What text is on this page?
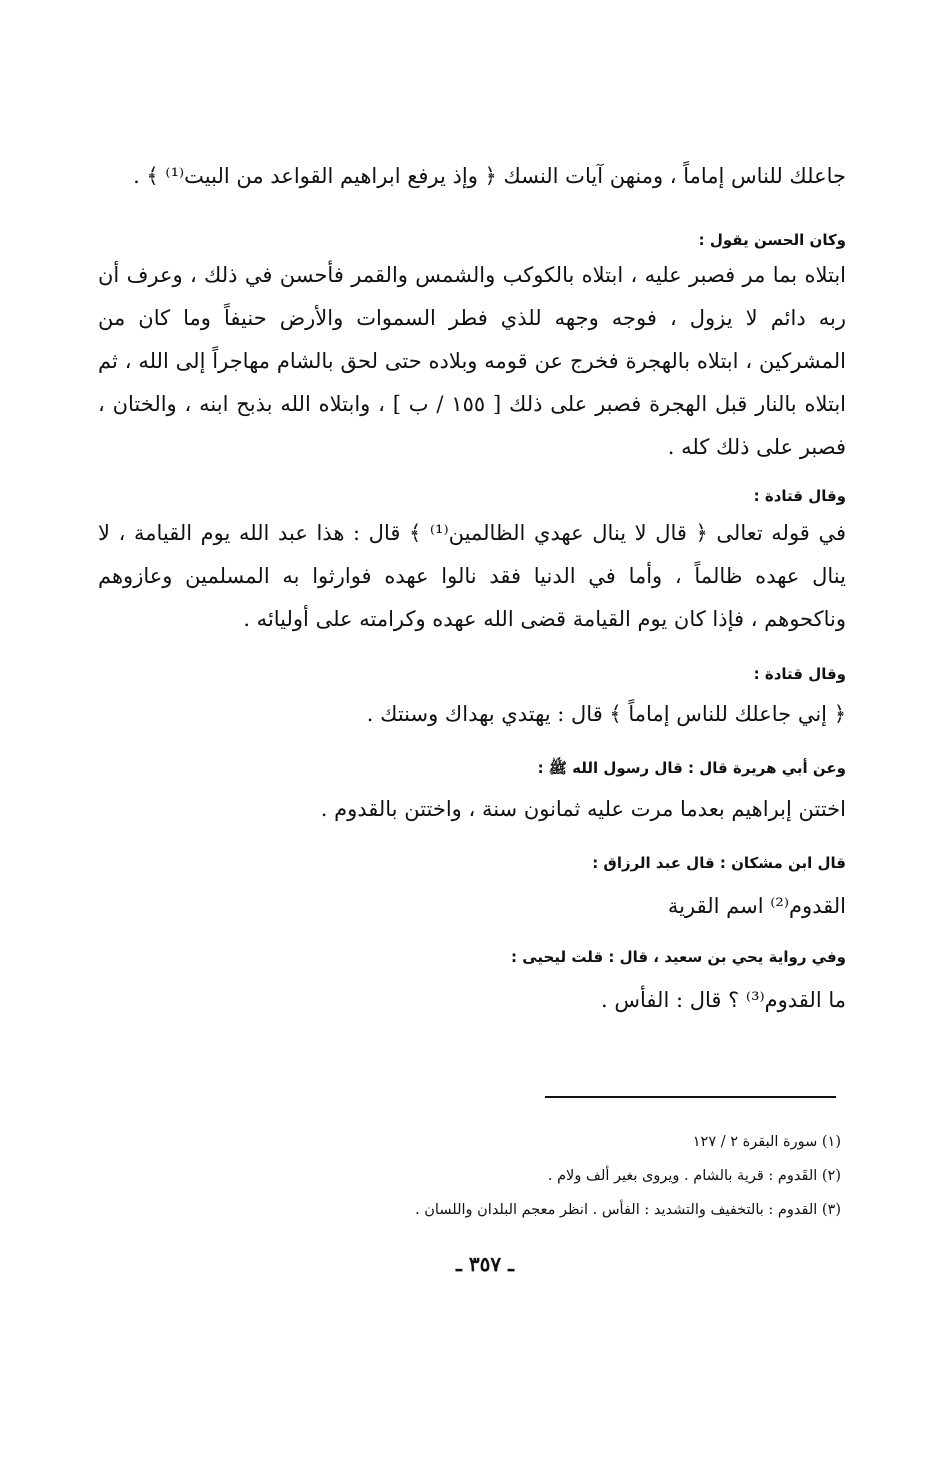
جاعلك للناس إماماً ، ومنهن آيات النسك ﴿ وإذ يرفع ابراهيم القواعد من البيت⁽¹⁾ ﴾ .
وكان الحسن يقول :
ابتلاه بما مر فصبر عليه ، ابتلاه بالكوكب والشمس والقمر فأحسن في ذلك ، وعرف أن ربه دائم لا يزول ، فوجه وجهه للذي فطر السموات والأرض حنيفاً وما كان من المشركين ، ابتلاه بالهجرة فخرج عن قومه وبلاده حتى لحق بالشام مهاجراً إلى الله ، ثم ابتلاه بالنار قبل الهجرة فصبر على ذلك [ ١٥٥ / ب ] ، وابتلاه الله بذبح ابنه ، والختان ، فصبر على ذلك كله .
وقال قتادة :
في قوله تعالى ﴿ قال لا ينال عهدي الظالمين⁽¹⁾ ﴾ قال : هذا عبد الله يوم القيامة ، لا ينال عهده ظالماً ، وأما في الدنيا فقد نالوا عهده فوارثوا به المسلمين وعازوهم وناكحوهم ، فإذا كان يوم القيامة قضى الله عهده وكرامته على أوليائه .
وقال قتادة :
﴿ إني جاعلك للناس إماماً ﴾ قال : يهتدي بهداك وسنتك .
وعن أبي هريرة قال : قال رسول الله ﷺ :
اختتن إبراهيم بعدما مرت عليه ثمانون سنة ، واختتن بالقدوم .
قال ابن مشكان : قال عبد الرزاق :
القدوم⁽²⁾ اسم القرية
وفي رواية يحي بن سعيد ، قال : قلت ليحيى :
ما القدوم⁽³⁾ ؟ قال : الفأس .
(١) سورة البقرة ٢ / ١٢٧
(٢) القَدوم : قرية بالشام . ويروى بغير ألف ولام .
(٣) القدوم : بالتخفيف والتشديد : الفأس . انظر معجم البلدان واللسان .
ـ ٣٥٧ ـ
